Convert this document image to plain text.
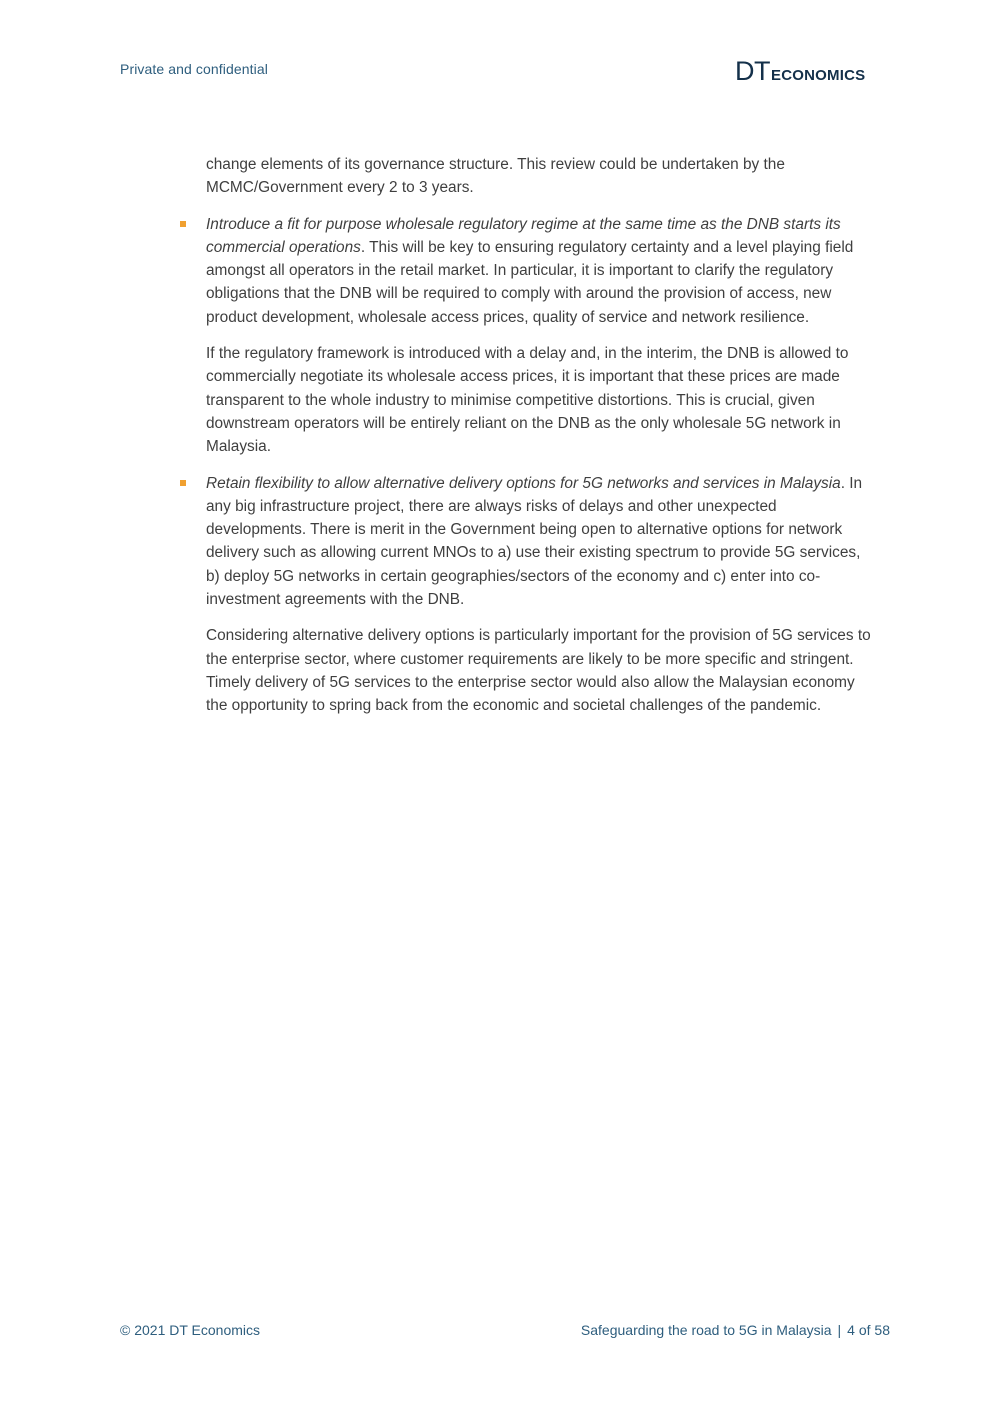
Private and confidential	DT ECONOMICS

change elements of its governance structure. This review could be undertaken by the MCMC/Government every 2 to 3 years.

Introduce a fit for purpose wholesale regulatory regime at the same time as the DNB starts its commercial operations. This will be key to ensuring regulatory certainty and a level playing field amongst all operators in the retail market. In particular, it is important to clarify the regulatory obligations that the DNB will be required to comply with around the provision of access, new product development, wholesale access prices, quality of service and network resilience.

If the regulatory framework is introduced with a delay and, in the interim, the DNB is allowed to commercially negotiate its wholesale access prices, it is important that these prices are made transparent to the whole industry to minimise competitive distortions. This is crucial, given downstream operators will be entirely reliant on the DNB as the only wholesale 5G network in Malaysia.

Retain flexibility to allow alternative delivery options for 5G networks and services in Malaysia. In any big infrastructure project, there are always risks of delays and other unexpected developments. There is merit in the Government being open to alternative options for network delivery such as allowing current MNOs to a) use their existing spectrum to provide 5G services, b) deploy 5G networks in certain geographies/sectors of the economy and c) enter into co-investment agreements with the DNB.

Considering alternative delivery options is particularly important for the provision of 5G services to the enterprise sector, where customer requirements are likely to be more specific and stringent. Timely delivery of 5G services to the enterprise sector would also allow the Malaysian economy the opportunity to spring back from the economic and societal challenges of the pandemic.

© 2021 DT Economics	Safeguarding the road to 5G in Malaysia | 4 of 58
